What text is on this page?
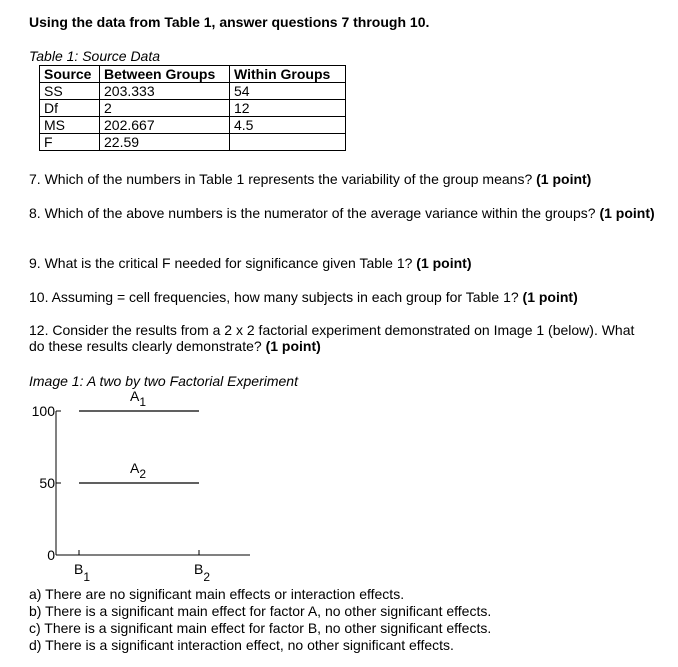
Using the data from Table 1, answer questions 7 through 10.
Table 1: Source Data
Source	Between Groups	Within Groups
SS	203.333	54
Df	2	12
MS	202.667	4.5
F	22.59	
7. Which of the numbers in Table 1 represents the variability of the group means? (1 point)
8. Which of the above numbers is the numerator of the average variance within the groups? (1 point)
9. What is the critical F needed for significance given Table 1? (1 point)
10. Assuming = cell frequencies, how many subjects in each group for Table 1? (1 point)
12. Consider the results from a 2 x 2 factorial experiment demonstrated on Image 1 (below). What do these results clearly demonstrate? (1 point)
Image 1: A two by two Factorial Experiment
0
50
100
B1	B2
A1
A2
a) There are no significant main effects or interaction effects.
b) There is a significant main effect for factor A, no other significant effects.
c) There is a significant main effect for factor B, no other significant effects.
d) There is a significant interaction effect, no other significant effects.
